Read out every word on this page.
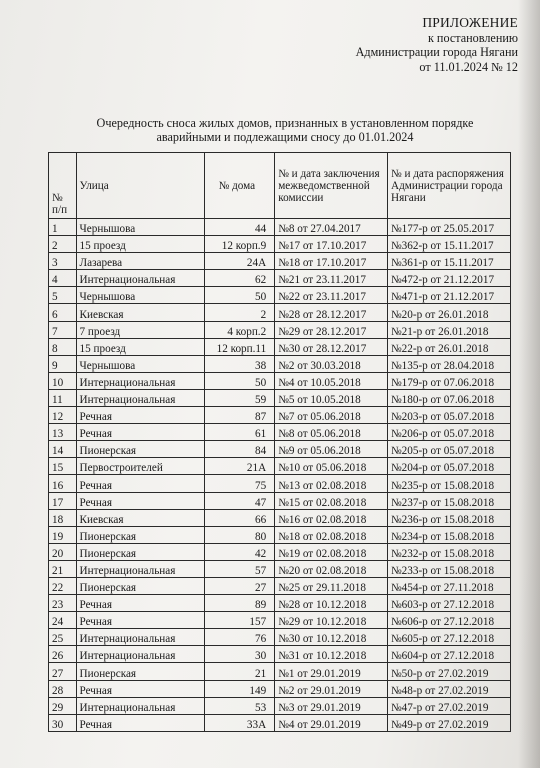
ПРИЛОЖЕНИЕ
к постановлению
Администрации города Нягани
от 11.01.2024 № 12
Очередность сноса жилых домов, признанных в установленном порядке
аварийными и подлежащими сносу до 01.01.2024
№ п/п	Улица	№ дома	№ и дата заключения межведомственной комиссии	№ и дата распоряжения Администрации города Нягани
1	Чернышова	44	№8 от 27.04.2017	№177-р от 25.05.2017
2	15 проезд	12 корп.9	№17 от 17.10.2017	№362-р от 15.11.2017
3	Лазарева	24А	№18 от 17.10.2017	№361-р от 15.11.2017
4	Интернациональная	62	№21 от 23.11.2017	№472-р от 21.12.2017
5	Чернышова	50	№22 от 23.11.2017	№471-р от 21.12.2017
6	Киевская	2	№28 от 28.12.2017	№20-р от 26.01.2018
7	7 проезд	4 корп.2	№29 от 28.12.2017	№21-р от 26.01.2018
8	15 проезд	12 корп.11	№30 от 28.12.2017	№22-р от 26.01.2018
9	Чернышова	38	№2 от 30.03.2018	№135-р от 28.04.2018
10	Интернациональная	50	№4 от 10.05.2018	№179-р от 07.06.2018
11	Интернациональная	59	№5 от 10.05.2018	№180-р от 07.06.2018
12	Речная	87	№7 от 05.06.2018	№203-р от 05.07.2018
13	Речная	61	№8 от 05.06.2018	№206-р от 05.07.2018
14	Пионерская	84	№9 от 05.06.2018	№205-р от 05.07.2018
15	Первостроителей	21А	№10 от 05.06.2018	№204-р от 05.07.2018
16	Речная	75	№13 от 02.08.2018	№235-р от 15.08.2018
17	Речная	47	№15 от 02.08.2018	№237-р от 15.08.2018
18	Киевская	66	№16 от 02.08.2018	№236-р от 15.08.2018
19	Пионерская	80	№18 от 02.08.2018	№234-р от 15.08.2018
20	Пионерская	42	№19 от 02.08.2018	№232-р от 15.08.2018
21	Интернациональная	57	№20 от 02.08.2018	№233-р от 15.08.2018
22	Пионерская	27	№25 от 29.11.2018	№454-р от 27.11.2018
23	Речная	89	№28 от 10.12.2018	№603-р от 27.12.2018
24	Речная	157	№29 от 10.12.2018	№606-р от 27.12.2018
25	Интернациональная	76	№30 от 10.12.2018	№605-р от 27.12.2018
26	Интернациональная	30	№31 от 10.12.2018	№604-р от 27.12.2018
27	Пионерская	21	№1 от 29.01.2019	№50-р от 27.02.2019
28	Речная	149	№2 от 29.01.2019	№48-р от 27.02.2019
29	Интернациональная	53	№3 от 29.01.2019	№47-р от 27.02.2019
30	Речная	33А	№4 от 29.01.2019	№49-р от 27.02.2019
